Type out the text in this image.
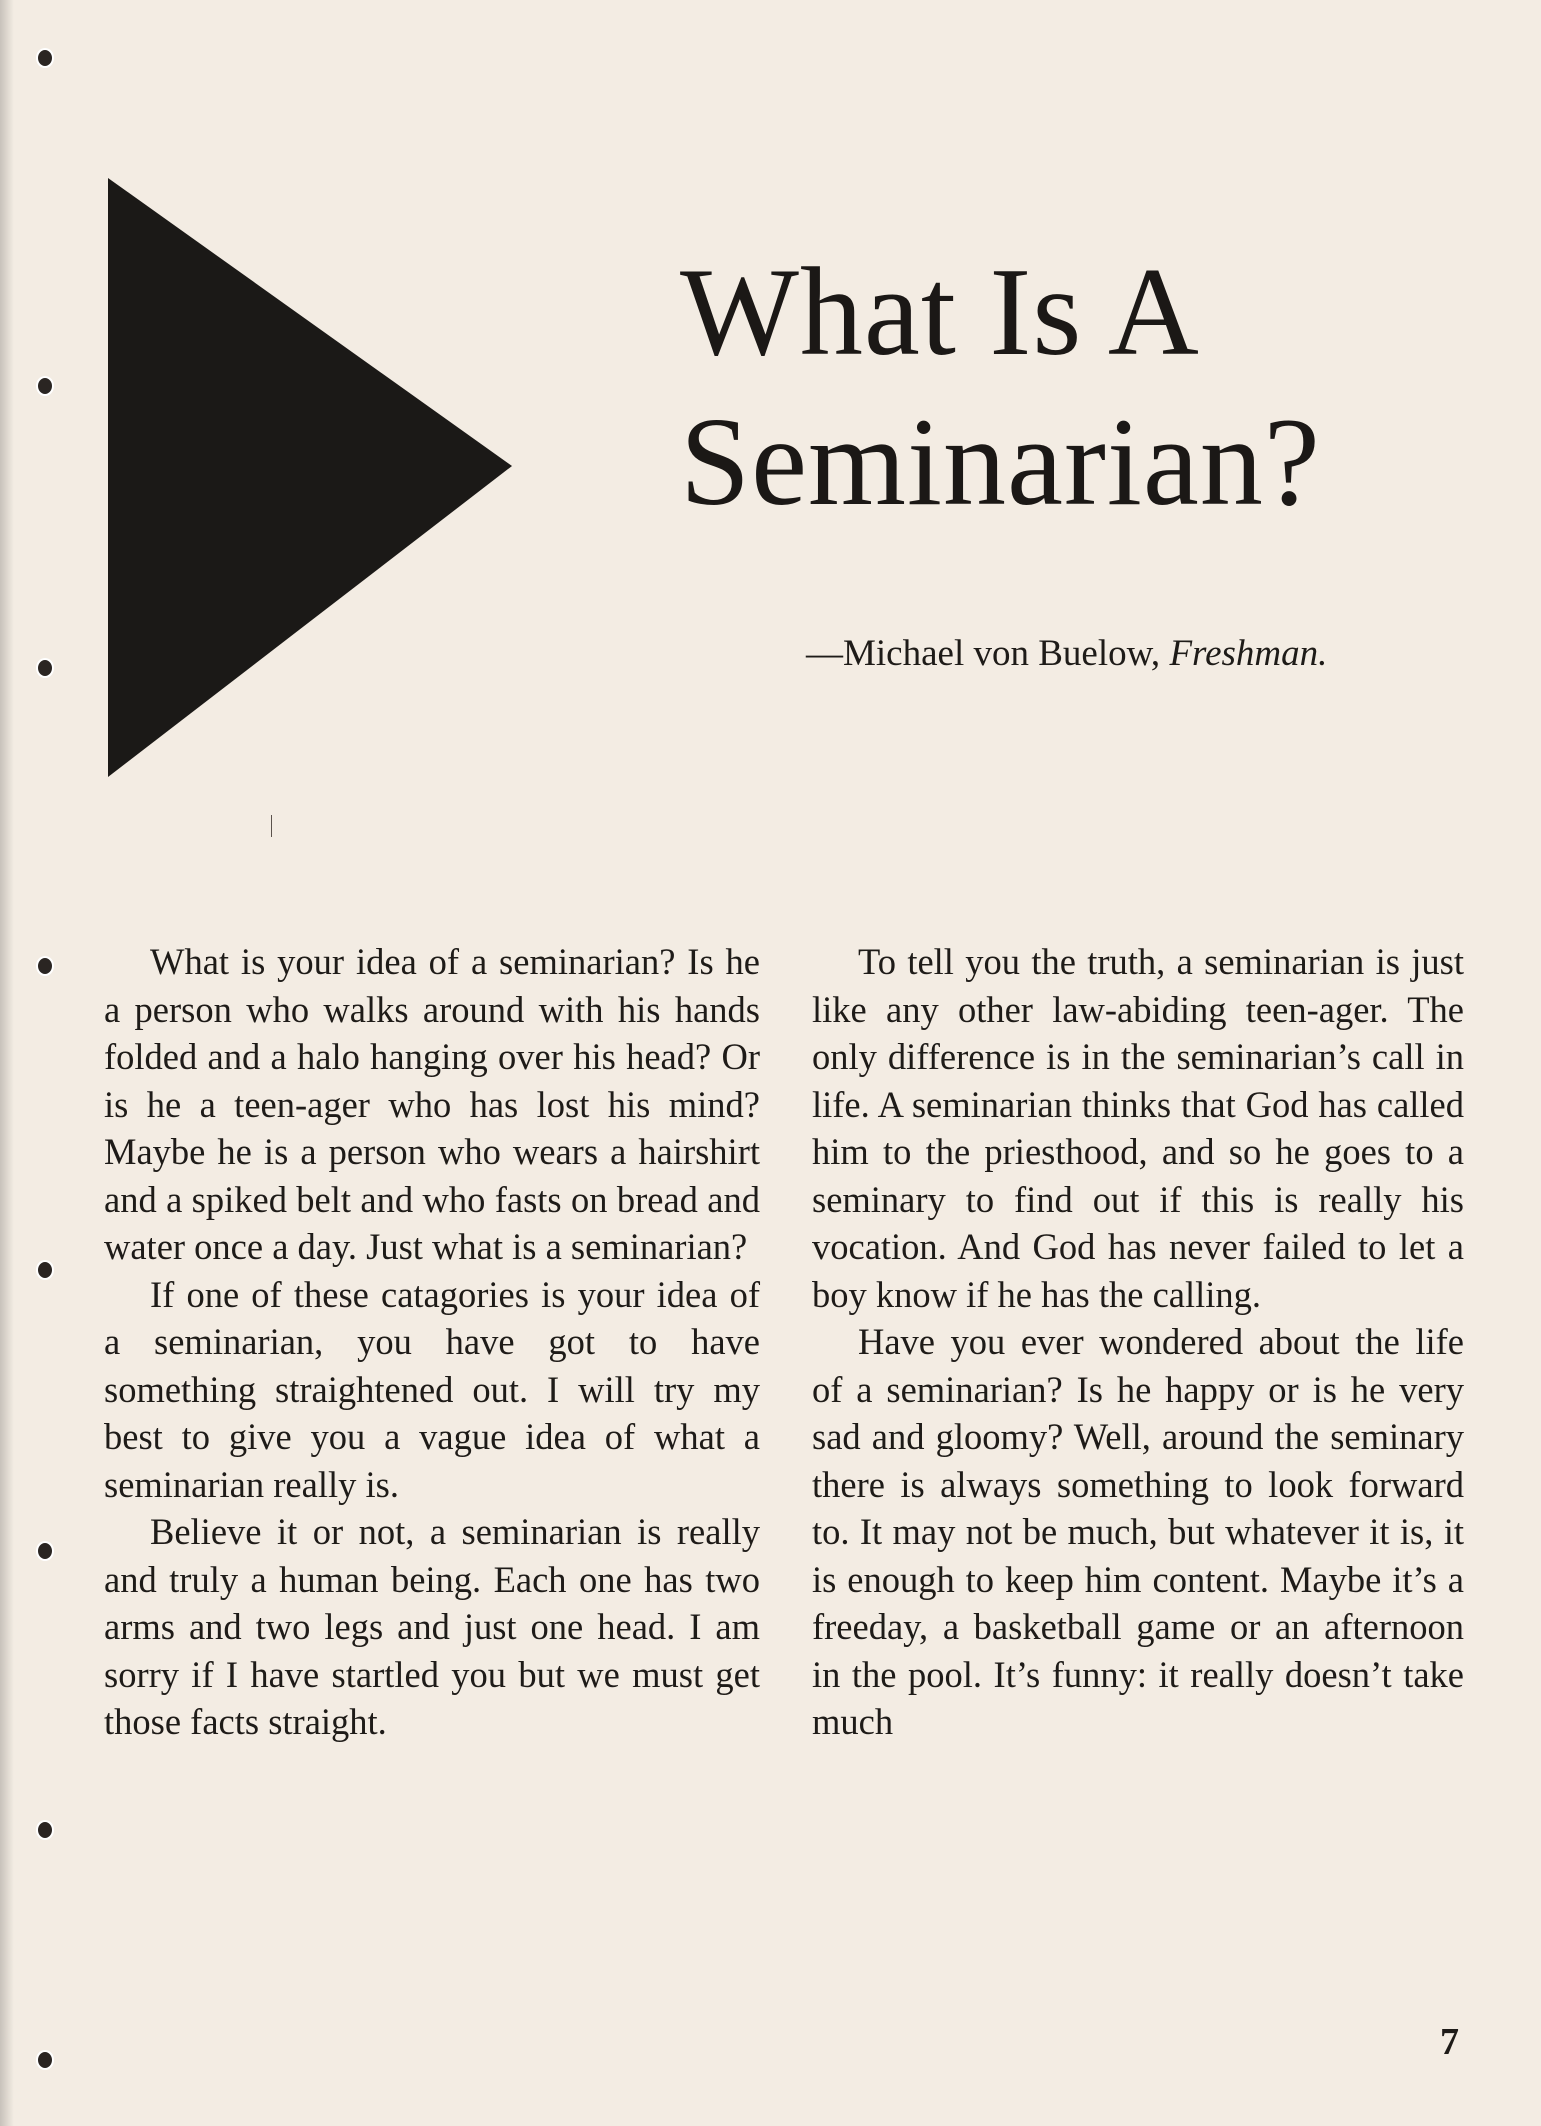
What Is A
Seminarian?
—Michael von Buelow, Freshman.

What is your idea of a seminarian? Is he a person who walks around with his hands folded and a halo hanging over his head? Or is he a teen-ager who has lost his mind? Maybe he is a person who wears a hairshirt and a spiked belt and who fasts on bread and water once a day. Just what is a seminarian?

If one of these catagories is your idea of a seminarian, you have got to have something straightened out. I will try my best to give you a vague idea of what a seminarian really is.

Believe it or not, a seminarian is really and truly a human being. Each one has two arms and two legs and just one head. I am sorry if I have startled you but we must get those facts straight.

To tell you the truth, a seminarian is just like any other law-abiding teen-ager. The only difference is in the seminarian’s call in life. A seminarian thinks that God has called him to the priesthood, and so he goes to a seminary to find out if this is really his vocation. And God has never failed to let a boy know if he has the calling.

Have you ever wondered about the life of a seminarian? Is he happy or is he very sad and gloomy? Well, around the seminary there is always something to look forward to. It may not be much, but whatever it is, it is enough to keep him content. Maybe it’s a freeday, a basketball game or an afternoon in the pool. It’s funny: it really doesn’t take much

7
